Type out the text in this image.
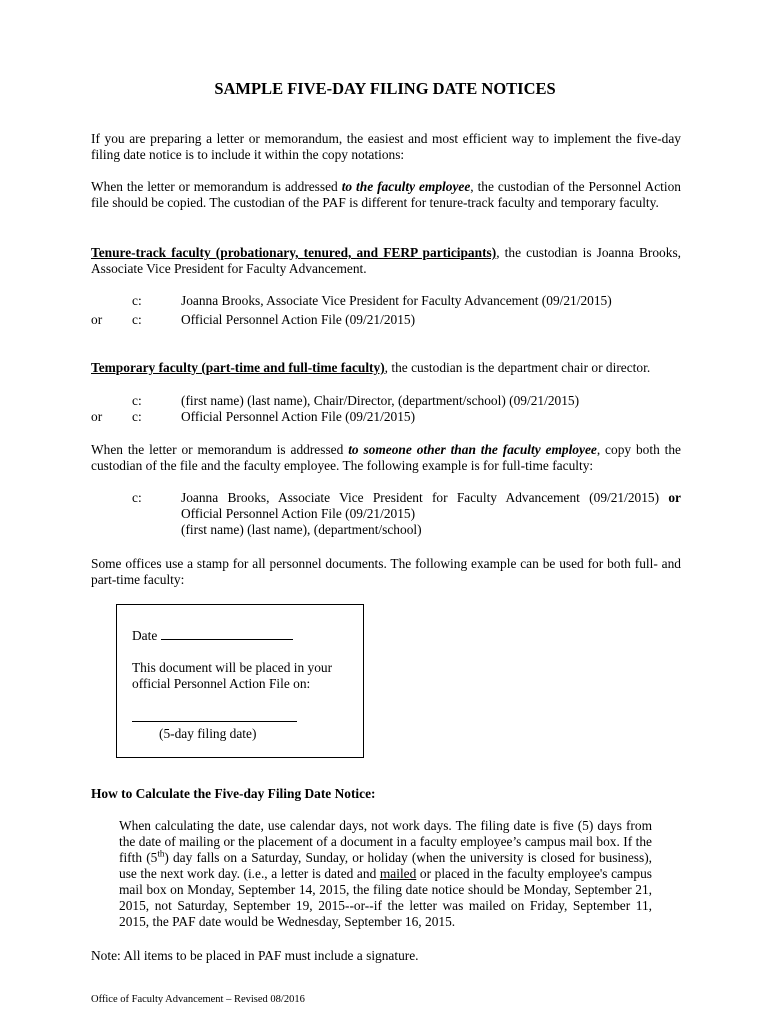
SAMPLE FIVE-DAY FILING DATE NOTICES

If you are preparing a letter or memorandum, the easiest and most efficient way to implement the five-day filing date notice is to include it within the copy notations:

When the letter or memorandum is addressed to the faculty employee, the custodian of the Personnel Action file should be copied. The custodian of the PAF is different for tenure-track faculty and temporary faculty.

Tenure-track faculty (probationary, tenured, and FERP participants), the custodian is Joanna Brooks, Associate Vice President for Faculty Advancement.

c:	Joanna Brooks, Associate Vice President for Faculty Advancement (09/21/2015)

or c:	Official Personnel Action File (09/21/2015)

Temporary faculty (part-time and full-time faculty), the custodian is the department chair or director.

c:	(first name) (last name), Chair/Director, (department/school) (09/21/2015)

or c:	Official Personnel Action File (09/21/2015)

When the letter or memorandum is addressed to someone other than the faculty employee, copy both the custodian of the file and the faculty employee. The following example is for full-time faculty:

c:	Joanna Brooks, Associate Vice President for Faculty Advancement (09/21/2015) or

Official Personnel Action File (09/21/2015)

(first name) (last name), (department/school)

Some offices use a stamp for all personnel documents. The following example can be used for both full- and part-time faculty:

Date

This document will be placed in your

official Personnel Action File on:

(5-day filing date)

How to Calculate the Five-day Filing Date Notice:

When calculating the date, use calendar days, not work days. The filing date is five (5) days from the date of mailing or the placement of a document in a faculty employee’s campus mail box. If the fifth (5th) day falls on a Saturday, Sunday, or holiday (when the university is closed for business), use the next work day. (i.e., a letter is dated and mailed or placed in the faculty employee's campus mail box on Monday, September 14, 2015, the filing date notice should be Monday, September 21, 2015, not Saturday, September 19, 2015--or--if the letter was mailed on Friday, September 11, 2015, the PAF date would be Wednesday, September 16, 2015.

Note: All items to be placed in PAF must include a signature.

Office of Faculty Advancement – Revised 08/2016
